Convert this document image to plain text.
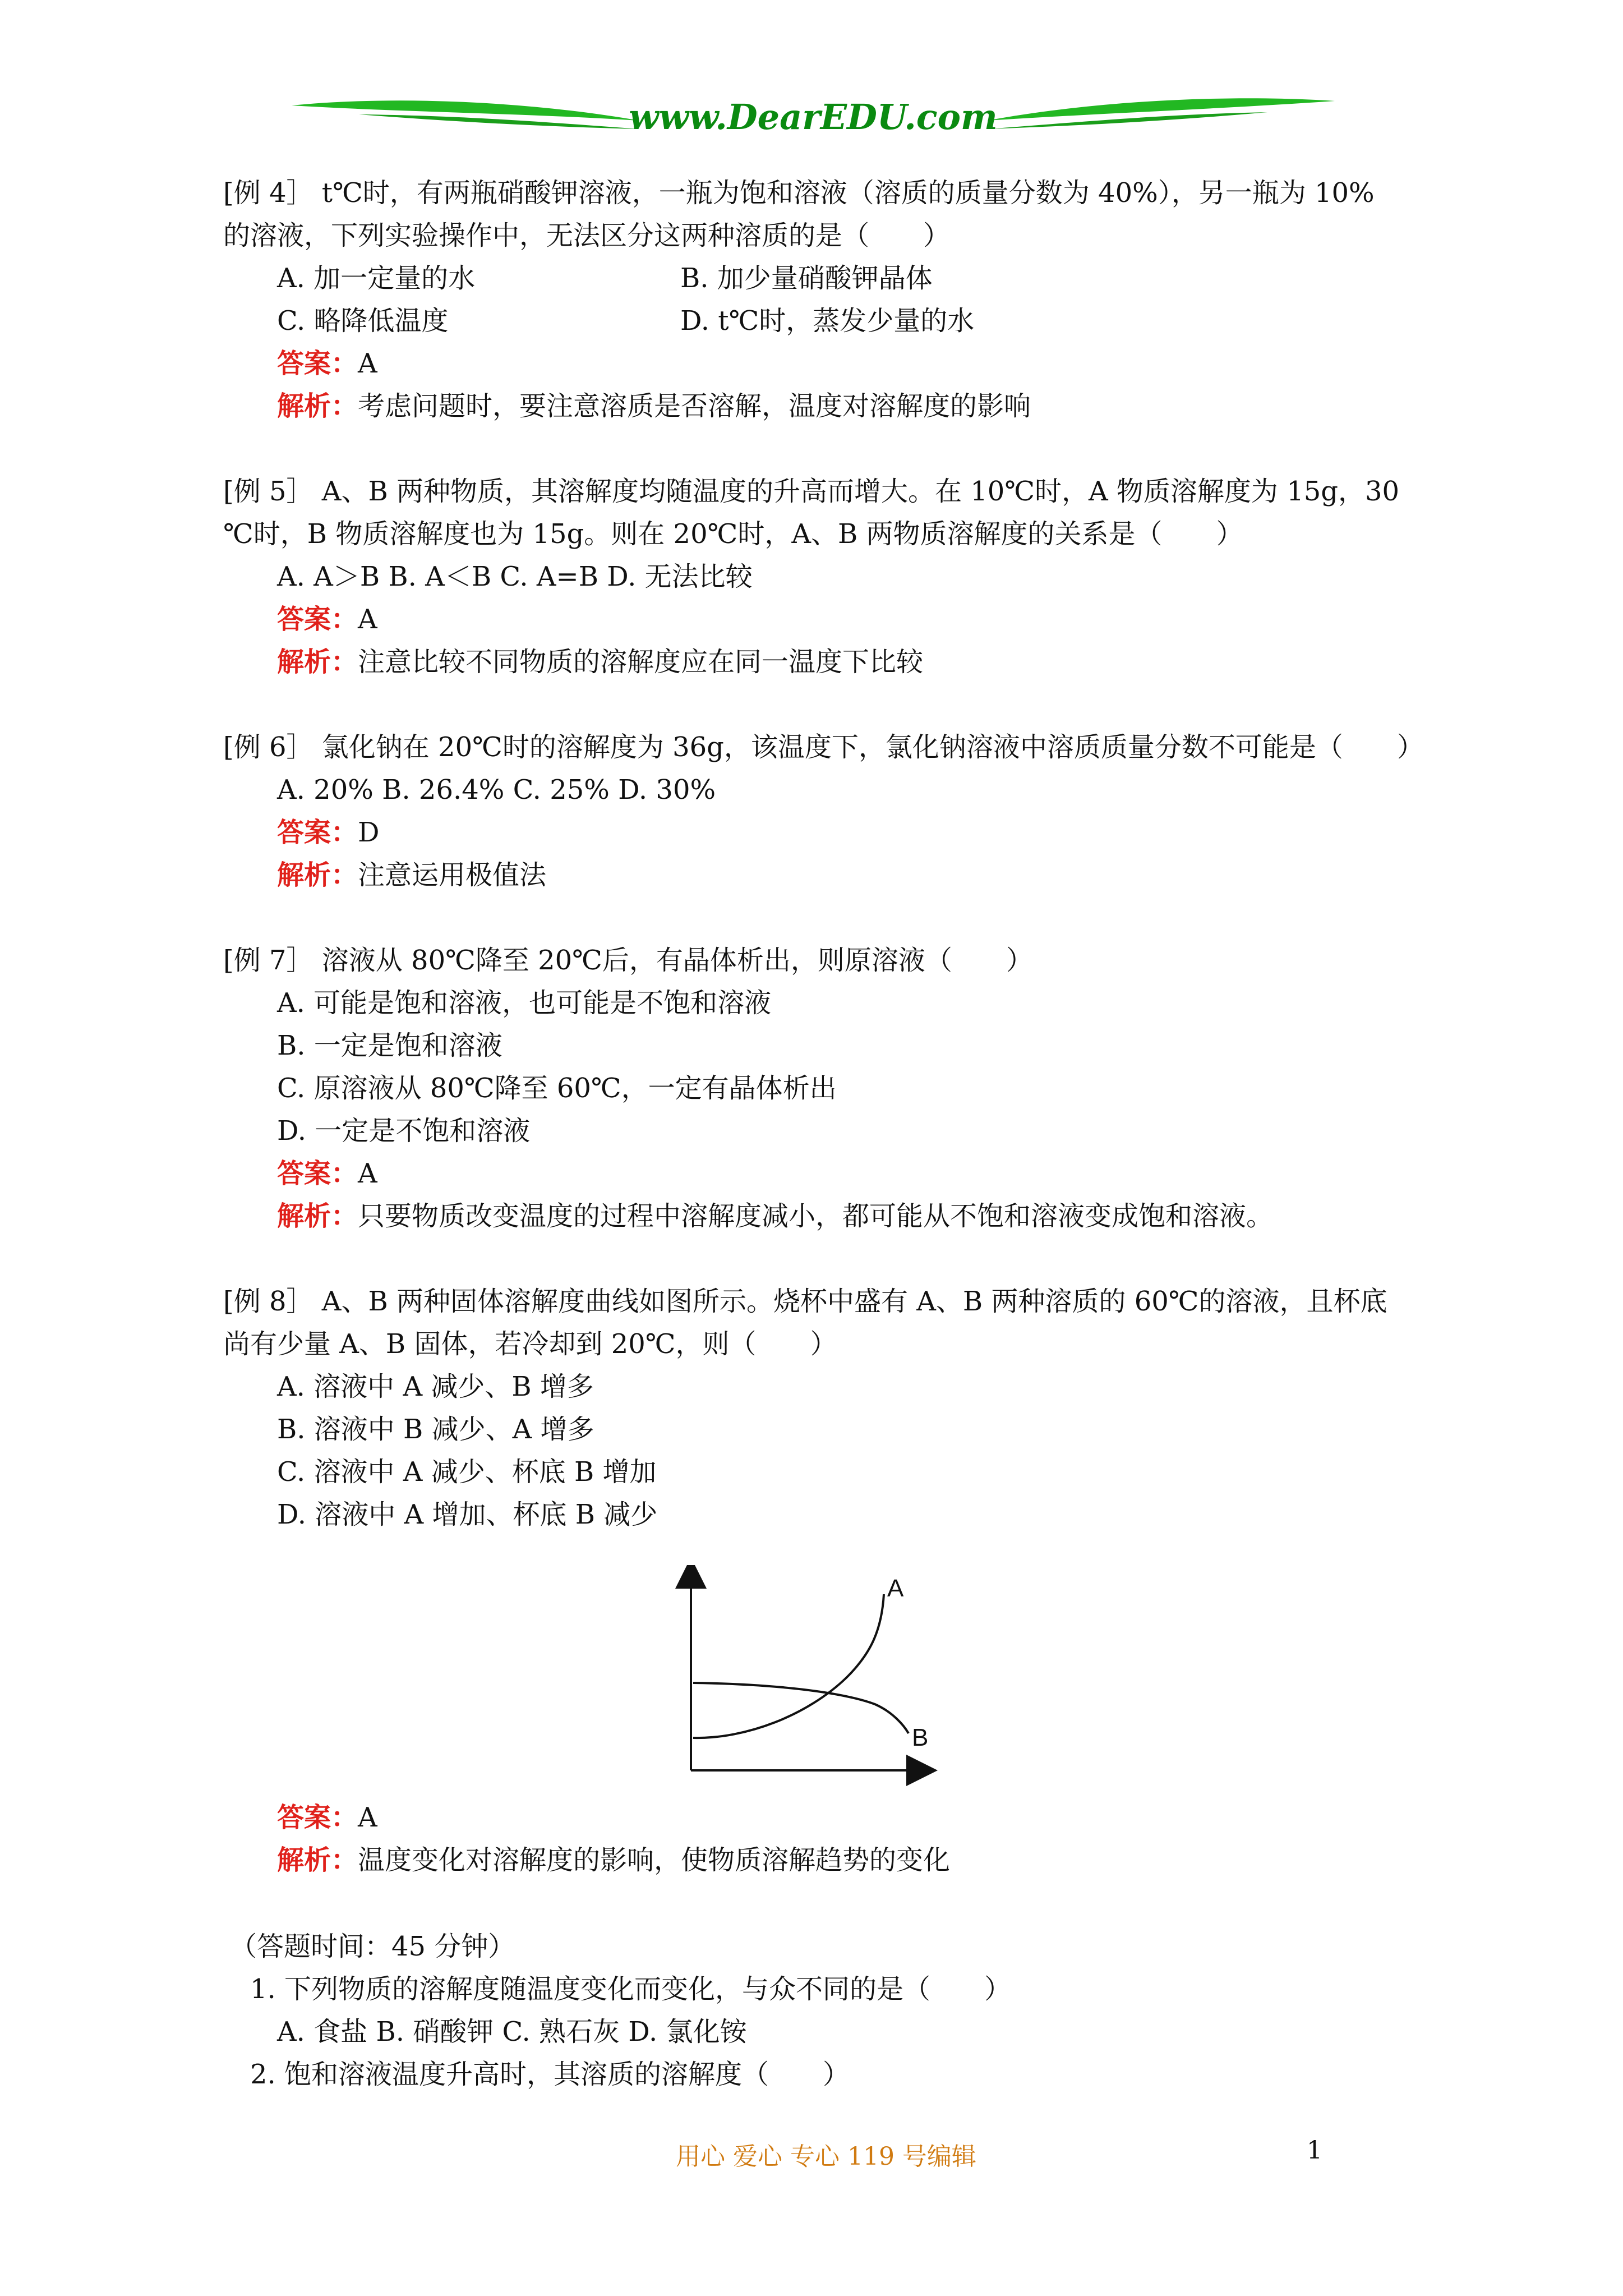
www.DearEDU.com
[例 4］ t℃时，有两瓶硝酸钾溶液，一瓶为饱和溶液（溶质的质量分数为 40%），另一瓶为 10%
的溶液，下列实验操作中，无法区分这两种溶质的是（　　）
A. 加一定量的水	B. 加少量硝酸钾晶体
C. 略降低温度	D. t℃时，蒸发少量的水
答案：A
解析：考虑问题时，要注意溶质是否溶解，温度对溶解度的影响
[例 5］ A、B 两种物质，其溶解度均随温度的升高而增大。在 10℃时，A 物质溶解度为 15g，30
℃时，B 物质溶解度也为 15g。则在 20℃时，A、B 两物质溶解度的关系是（　　）
A. A＞B B. A＜B C. A=B D. 无法比较
答案：A
解析：注意比较不同物质的溶解度应在同一温度下比较
[例 6］ 氯化钠在 20℃时的溶解度为 36g，该温度下，氯化钠溶液中溶质质量分数不可能是（　　）
A. 20% B. 26.4% C. 25% D. 30%
答案：D
解析：注意运用极值法
[例 7］ 溶液从 80℃降至 20℃后，有晶体析出，则原溶液（　　）
A. 可能是饱和溶液，也可能是不饱和溶液
B. 一定是饱和溶液
C. 原溶液从 80℃降至 60℃，一定有晶体析出
D. 一定是不饱和溶液
答案：A
解析：只要物质改变温度的过程中溶解度减小，都可能从不饱和溶液变成饱和溶液。
[例 8］ A、B 两种固体溶解度曲线如图所示。烧杯中盛有 A、B 两种溶质的 60℃的溶液，且杯底
尚有少量 A、B 固体，若冷却到 20℃，则（　　）
A. 溶液中 A 减少、B 增多
B. 溶液中 B 减少、A 增多
C. 溶液中 A 减少、杯底 B 增加
D. 溶液中 A 增加、杯底 B 减少
答案：A
解析：温度变化对溶解度的影响，使物质溶解趋势的变化
（答题时间：45 分钟）
1. 下列物质的溶解度随温度变化而变化，与众不同的是（　　）
A. 食盐 B. 硝酸钾 C. 熟石灰 D. 氯化铵
2. 饱和溶液温度升高时，其溶质的溶解度（　　）
A
B
用心 爱心 专心 119 号编辑	1
